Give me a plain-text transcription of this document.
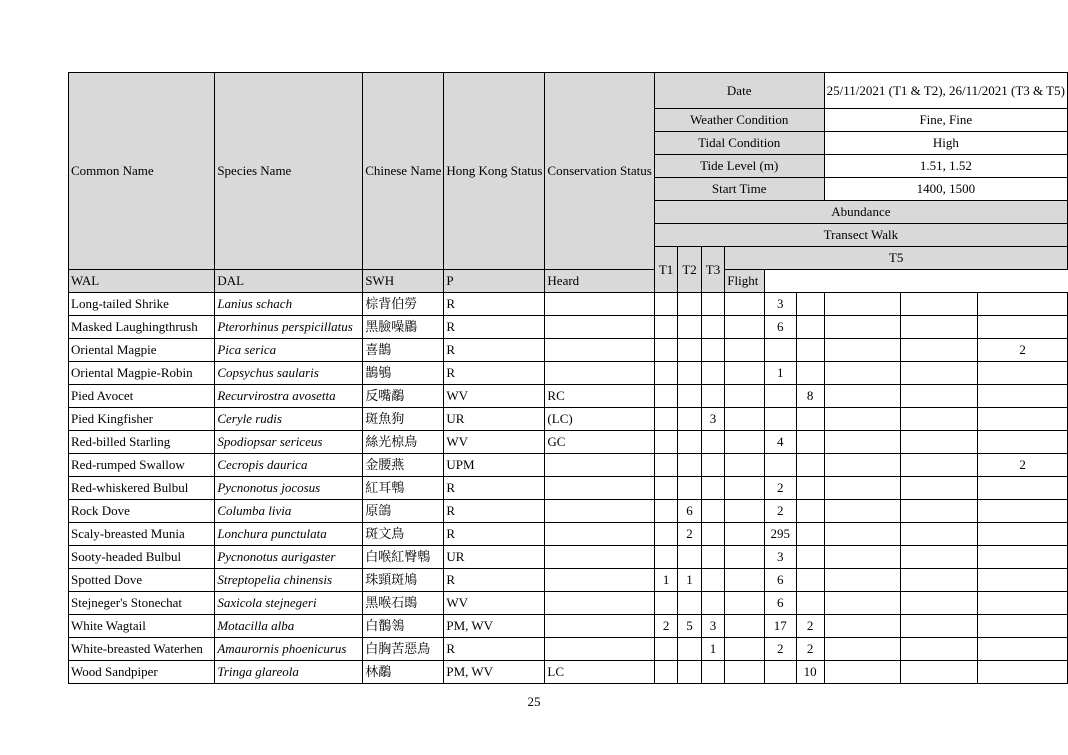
Common Name	Species Name	Chinese Name	Hong Kong Status	Conservation Status	Date						25/11/2021 (T1 & T2), 26/11/2021 (T3 & T5)		
					Weather Condition						Fine, Fine		
					Tidal Condition						High		
					Tide Level (m)						1.51, 1.52		
					Start Time						1400, 1500		
					Abundance								
					Transect Walk								
					T1	T2	T3	T5					
WAL	DAL	SWH	P	Heard				Flight					
Long-tailed Shrike	Lanius schach	棕背伯勞	R						3				
Masked Laughingthrush	Pterorhinus perspicillatus	黑臉噪鶥	R						6				
Oriental Magpie	Pica serica	喜鵲	R										2
Oriental Magpie-Robin	Copsychus saularis	鵲鴝	R						1				
Pied Avocet	Recurvirostra avosetta	反嘴鷸	WV	RC						8			
Pied Kingfisher	Ceryle rudis	斑魚狗	UR	(LC)			3						
Red-billed Starling	Spodiopsar sericeus	絲光椋鳥	WV	GC					4				
Red-rumped Swallow	Cecropis daurica	金腰燕	UPM										2
Red-whiskered Bulbul	Pycnonotus jocosus	紅耳鵯	R						2				
Rock Dove	Columba livia	原鴿	R			6			2				
Scaly-breasted Munia	Lonchura punctulata	斑文鳥	R			2			295				
Sooty-headed Bulbul	Pycnonotus aurigaster	白喉紅臀鵯	UR						3				
Spotted Dove	Streptopelia chinensis	珠頸斑鳩	R		1	1			6				
Stejneger's Stonechat	Saxicola stejnegeri	黑喉石鵖	WV						6				
White Wagtail	Motacilla alba	白鶺鴒	PM, WV		2	5	3		17	2			
White-breasted Waterhen	Amaurornis phoenicurus	白胸苦惡鳥	R				1		2	2			
Wood Sandpiper	Tringa glareola	林鷸	PM, WV	LC						10			
25
